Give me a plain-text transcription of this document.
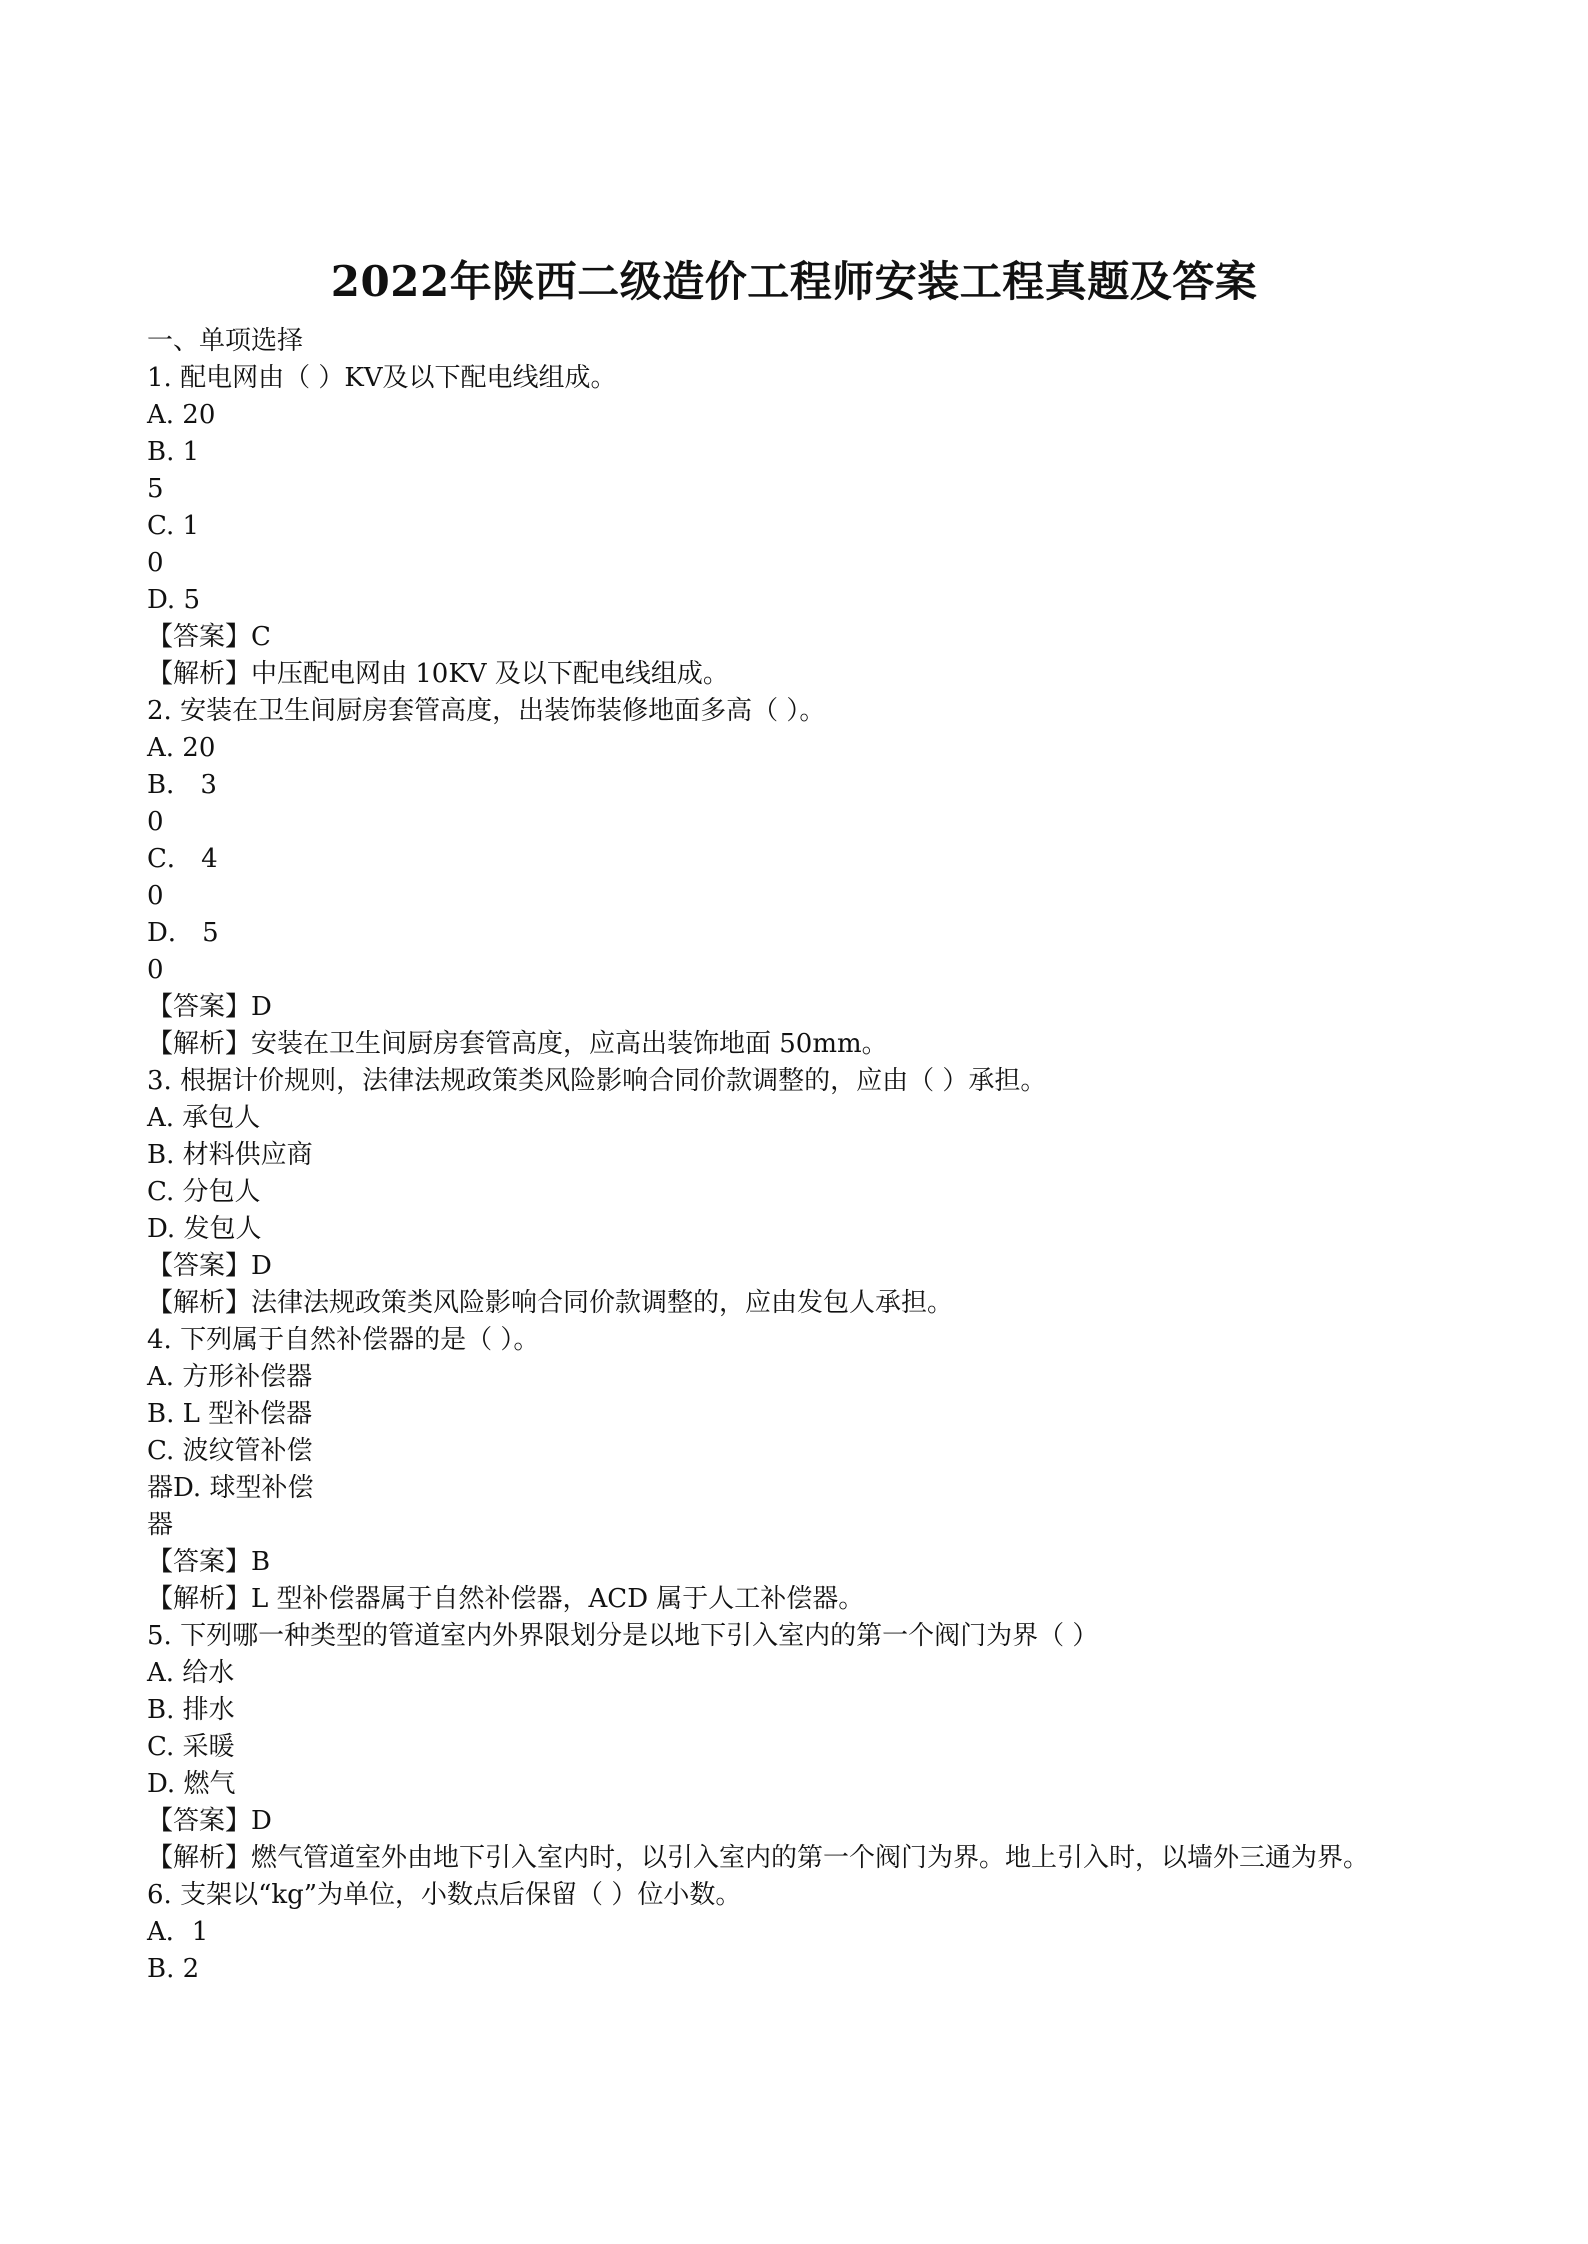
2022年陕西二级造价工程师安装工程真题及答案
一、单项选择
1. 配电网由（ ）KV及以下配电线组成。
A. 20
B. 1
5
C. 1
0
D. 5
【答案】C
【解析】中压配电网由 10KV 及以下配电线组成。
2. 安装在卫生间厨房套管高度，出装饰装修地面多高（ ）。
A. 20
B． 3
0
C． 4
0
D． 5
0
【答案】D
【解析】安装在卫生间厨房套管高度，应高出装饰地面 50mm。
3. 根据计价规则，法律法规政策类风险影响合同价款调整的，应由（ ）承担。
A. 承包人
B. 材料供应商
C. 分包人
D. 发包人
【答案】D
【解析】法律法规政策类风险影响合同价款调整的，应由发包人承担。
4. 下列属于自然补偿器的是（ ）。
A. 方形补偿器
B. L 型补偿器
C. 波纹管补偿
器D. 球型补偿
器
【答案】B
【解析】L 型补偿器属于自然补偿器，ACD 属于人工补偿器。
5. 下列哪一种类型的管道室内外界限划分是以地下引入室内的第一个阀门为界（ ）
A. 给水
B. 排水
C. 采暖
D. 燃气
【答案】D
【解析】燃气管道室外由地下引入室内时，以引入室内的第一个阀门为界。地上引入时，以墙外三通为界。
6. 支架以“kg”为单位，小数点后保留（ ）位小数。
A．1
B. 2
